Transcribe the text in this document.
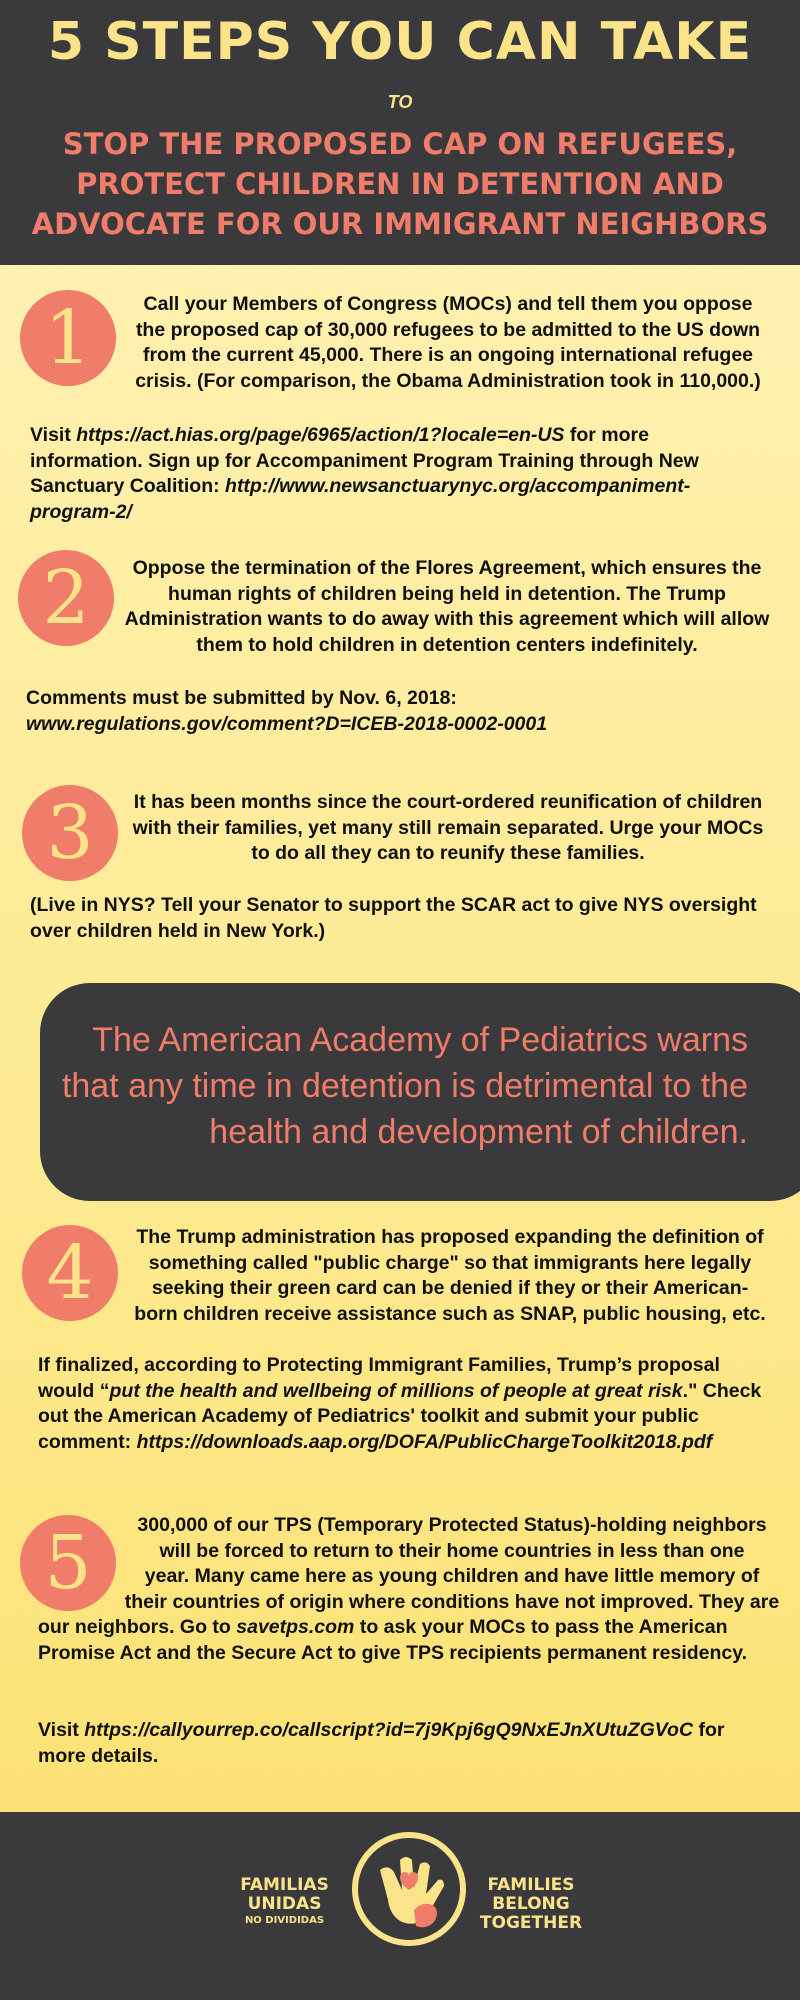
5 STEPS YOU CAN TAKE
TO
STOP THE PROPOSED CAP ON REFUGEES,
PROTECT CHILDREN IN DETENTION AND
ADVOCATE FOR OUR IMMIGRANT NEIGHBORS
1	Call your Members of Congress (MOCs) and tell them you oppose
the proposed cap of 30,000 refugees to be admitted to the US down
from the current 45,000. There is an ongoing international refugee
crisis. (For comparison, the Obama Administration took in 110,000.)
Visit https://act.hias.org/page/6965/action/1?locale=en-US for more information. Sign up for Accompaniment Program Training through New Sanctuary Coalition: http://www.newsanctuarynyc.org/accompaniment-program-2/
2	Oppose the termination of the Flores Agreement, which ensures the
human rights of children being held in detention. The Trump
Administration wants to do away with this agreement which will allow
them to hold children in detention centers indefinitely.
Comments must be submitted by Nov. 6, 2018:
www.regulations.gov/comment?D=ICEB-2018-0002-0001
3	It has been months since the court-ordered reunification of children
with their families, yet many still remain separated. Urge your MOCs
to do all they can to reunify these families.
(Live in NYS? Tell your Senator to support the SCAR act to give NYS oversight over children held in New York.)
The American Academy of Pediatrics warns that any time in detention is detrimental to the health and development of children.
4	The Trump administration has proposed expanding the definition of
something called "public charge" so that immigrants here legally
seeking their green card can be denied if they or their American-
born children receive assistance such as SNAP, public housing, etc.
If finalized, according to Protecting Immigrant Families, Trump’s proposal would “put the health and wellbeing of millions of people at great risk." Check out the American Academy of Pediatrics' toolkit and submit your public comment: https://downloads.aap.org/DOFA/PublicChargeToolkit2018.pdf
5	300,000 of our TPS (Temporary Protected Status)-holding neighbors
will be forced to return to their home countries in less than one
year. Many came here as young children and have little memory of
their countries of origin where conditions have not improved. They are
our neighbors. Go to savetps.com to ask your MOCs to pass the American Promise Act and the Secure Act to give TPS recipients permanent residency.
Visit https://callyourrep.co/callscript?id=7j9Kpj6gQ9NxEJnXUtuZGVoC for more details.
FAMILIAS
UNIDAS
NO DIVIDIDAS
FAMILIES
BELONG
TOGETHER
